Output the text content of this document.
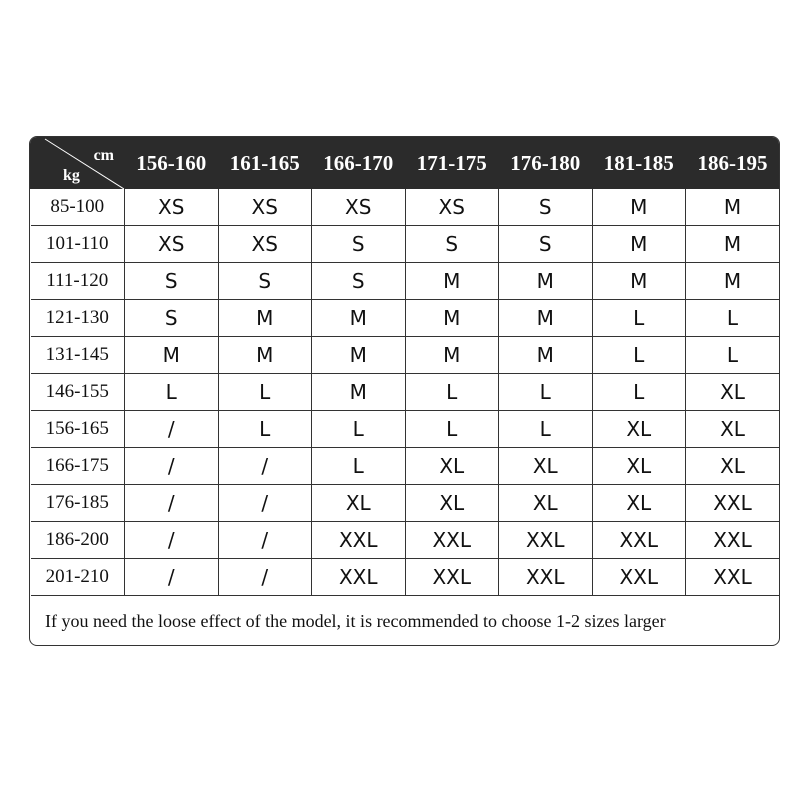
cm
kg	156-160	161-165	166-170	171-175	176-180	181-185	186-195
85-100	XS	XS	XS	XS	S	M	M
101-110	XS	XS	S	S	S	M	M
111-120	S	S	S	M	M	M	M
121-130	S	M	M	M	M	L	L
131-145	M	M	M	M	M	L	L
146-155	L	L	M	L	L	L	XL
156-165	/	L	L	L	L	XL	XL
166-175	/	/	L	XL	XL	XL	XL
176-185	/	/	XL	XL	XL	XL	XXL
186-200	/	/	XXL	XXL	XXL	XXL	XXL
201-210	/	/	XXL	XXL	XXL	XXL	XXL
If you need the loose effect of the model, it is recommended to choose 1-2 sizes larger
